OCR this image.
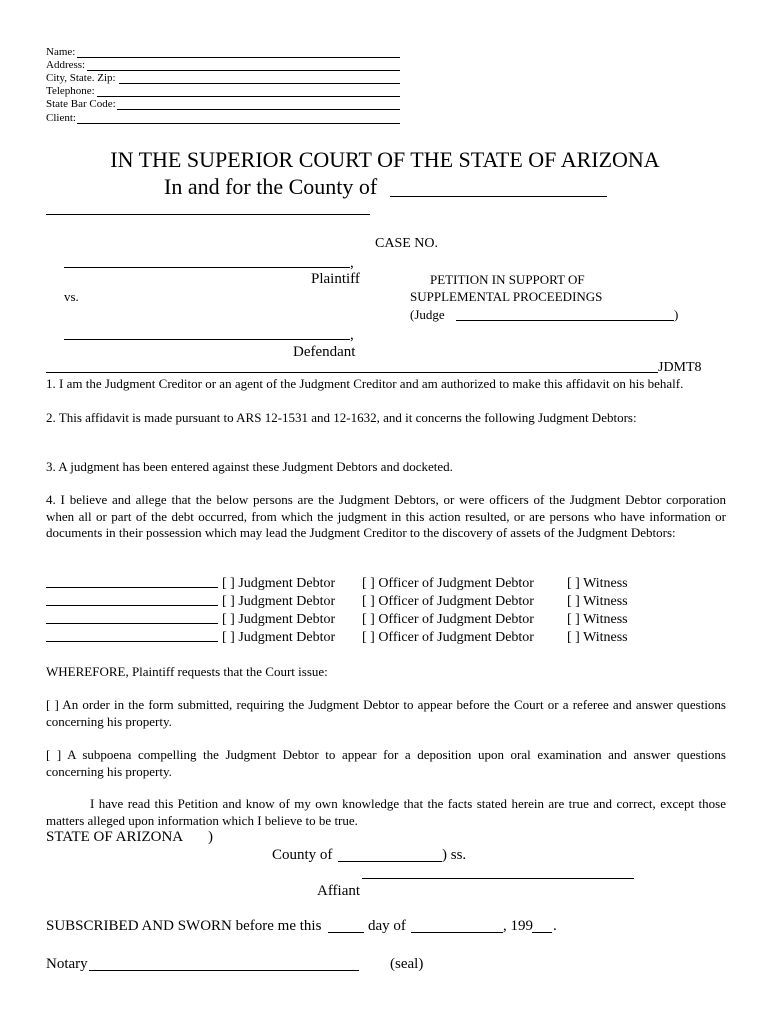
Name:
Address:
City, State. Zip:
Telephone:
State Bar Code:
Client:
IN THE SUPERIOR COURT OF THE STATE OF ARIZONA
In and for the County of
CASE NO.
,
Plaintiff	PETITION IN SUPPORT OF
SUPPLEMENTAL PROCEEDINGS
(Judge	)
vs.
,
Defendant
JDMT8
1. I am the Judgment Creditor or an agent of the Judgment Creditor and am authorized to make this affidavit on his behalf.
2. This affidavit is made pursuant to ARS 12-1531 and 12-1632, and it concerns the following Judgment Debtors:
3. A judgment has been entered against these Judgment Debtors and docketed.
4. I believe and allege that the below persons are the Judgment Debtors, or were officers of the Judgment Debtor corporation when all or part of the debt occurred, from which the judgment in this action resulted, or are persons who have information or documents in their possession which may lead the Judgment Creditor to the discovery of assets of the Judgment Debtors:
[ ] Judgment Debtor [ ] Officer of Judgment Debtor [ ] Witness
[ ] Judgment Debtor [ ] Officer of Judgment Debtor [ ] Witness
[ ] Judgment Debtor [ ] Officer of Judgment Debtor [ ] Witness
[ ] Judgment Debtor [ ] Officer of Judgment Debtor [ ] Witness
WHEREFORE, Plaintiff requests that the Court issue:
[ ] An order in the form submitted, requiring the Judgment Debtor to appear before the Court or a referee and answer questions concerning his property.
[ ] A subpoena compelling the Judgment Debtor to appear for a deposition upon oral examination and answer questions concerning his property.
I have read this Petition and know of my own knowledge that the facts stated herein are true and correct, except those matters alleged upon information which I believe to be true.
STATE OF ARIZONA )
County of	) ss.
Affiant
SUBSCRIBED AND SWORN before me this	day of	, 199 .
Notary	(seal)
